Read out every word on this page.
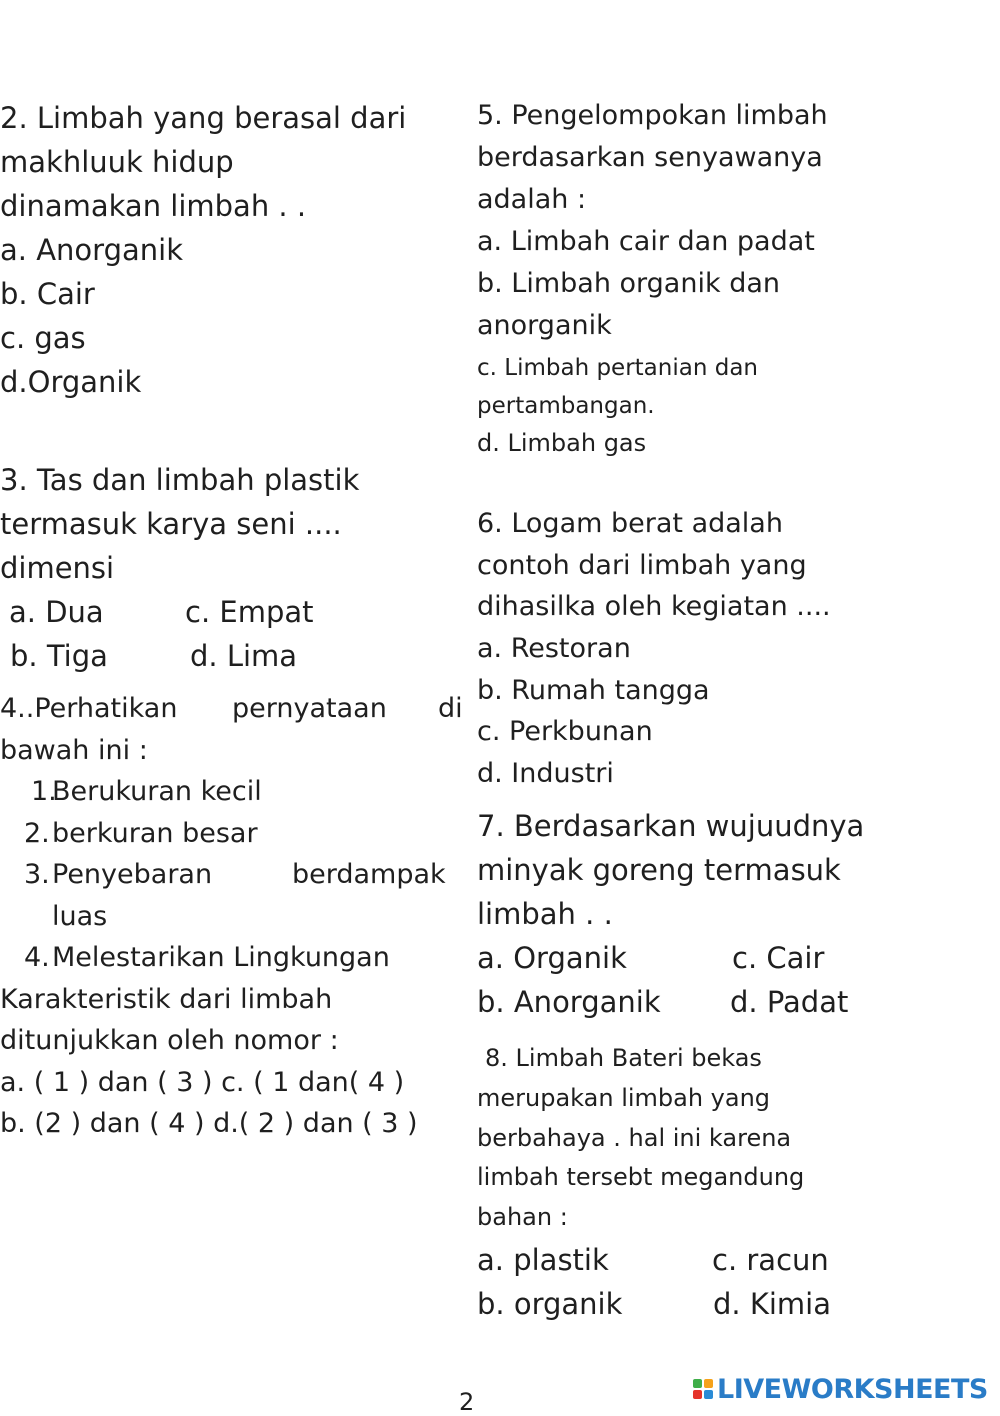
2. Limbah yang berasal dari
makhluuk hidup
dinamakan limbah . .
a. Anorganik
b. Cair
c. gas
d.Organik
3. Tas dan limbah plastik
termasuk karya seni ....
dimensi
a. Dua	c. Empat
b. Tiga	d. Lima
4..Perhatikan pernyataan di
bawah ini :
1.
Berukuran kecil
2. berkuran besar
3. Penyebaran	berdampak
luas
4. Melestarikan Lingkungan
Karakteristik dari limbah
ditunjukkan oleh nomor :
a. ( 1 ) dan ( 3 ) c. ( 1 dan( 4 )
b. (2 ) dan ( 4 ) d.( 2 ) dan ( 3 )
5. Pengelompokan limbah
berdasarkan senyawanya
adalah :
a. Limbah cair dan padat
b. Limbah organik dan
anorganik
c. Limbah pertanian dan
pertambangan.
d. Limbah gas
6. Logam berat adalah
contoh dari limbah yang
dihasilka oleh kegiatan ....
a. Restoran
b. Rumah tangga
c. Perkbunan
d. Industri
7. Berdasarkan wujuudnya
minyak goreng termasuk
limbah . .
a. Organik	c. Cair
b. Anorganik d. Padat
8. Limbah Bateri bekas
merupakan limbah yang
berbahaya . hal ini karena
limbah tersebt megandung
bahan :
a. plastik	c. racun
b. organik	d. Kimia
2	LIVEWORKSHEETS
